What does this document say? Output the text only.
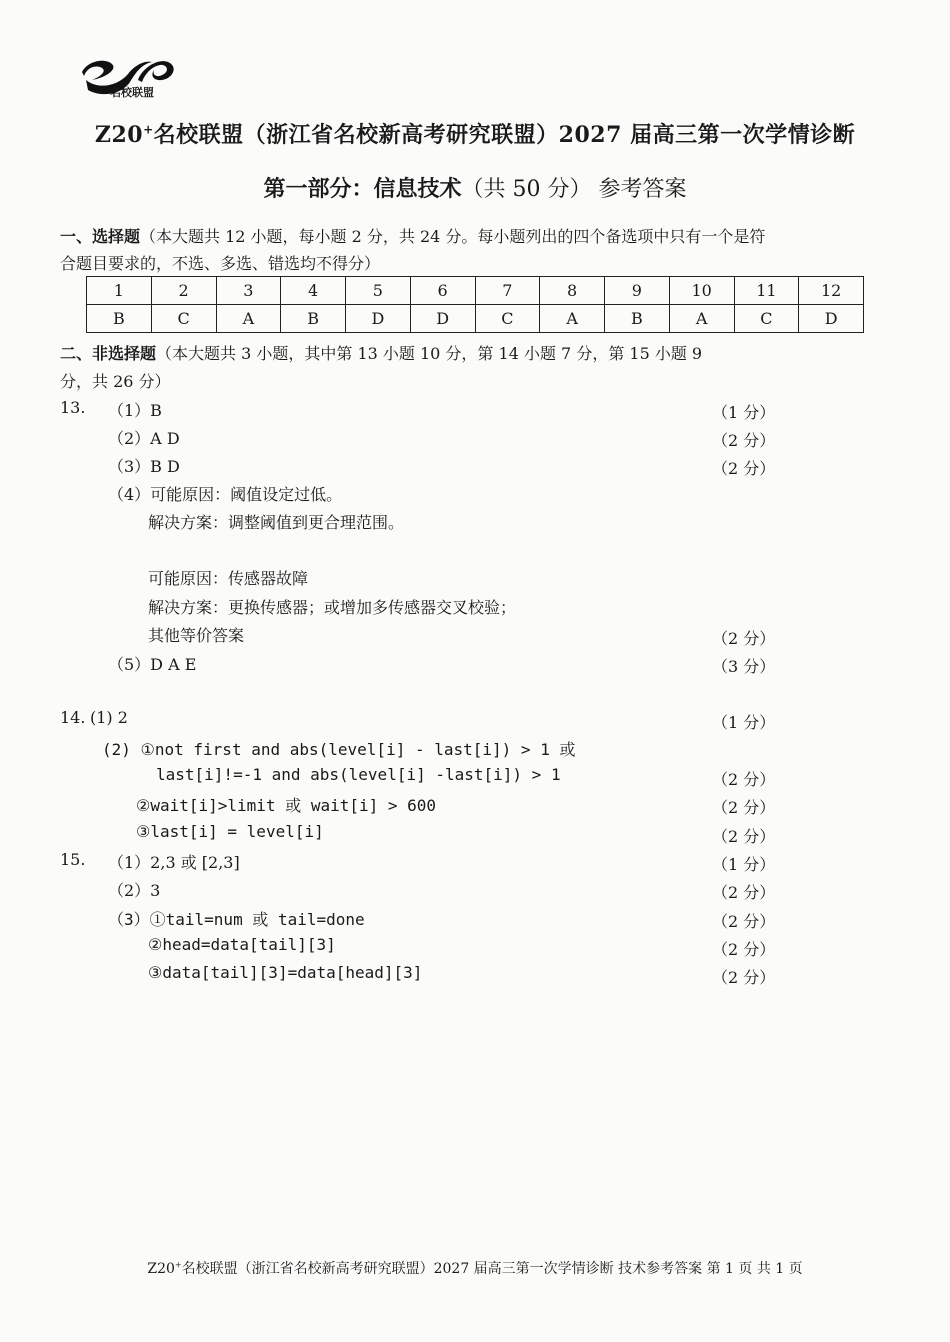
名校联盟
Z20+名校联盟（浙江省名校新高考研究联盟）2027 届高三第一次学情诊断
第一部分：信息技术（共 50 分） 参考答案
一、选择题（本大题共 12 小题，每小题 2 分，共 24 分。每小题列出的四个备选项中只有一个是符
合题目要求的，不选、多选、错选均不得分）
1	2	3	4	5	6	7	8	9	10	11	12
B	C	A	B	D	D	C	A	B	A	C	D
二、非选择题（本大题共 3 小题，其中第 13 小题 10 分，第 14 小题 7 分，第 15 小题 9
分，共 26 分）
13. （1）B	（1 分）
（2）A D	（2 分）
（3）B D	（2 分）
（4）可能原因：阈值设定过低。
解决方案：调整阈值到更合理范围。
可能原因：传感器故障
解决方案：更换传感器；或增加多传感器交叉校验；
其他等价答案	（2 分）
（5）D A E	（3 分）
14. (1) 2	（1 分）
(2) ①not first and abs(level[i] - last[i]) > 1 或
last[i]!=-1 and abs(level[i] -last[i]) > 1	（2 分）
②wait[i]>limit 或 wait[i] > 600	（2 分）
③last[i] = level[i]	（2 分）
15. （1）2,3 或 [2,3]	（1 分）
（2）3	（2 分）
（3）①tail=num 或 tail=done	（2 分）
②head=data[tail][3]	（2 分）
③data[tail][3]=data[head][3]	（2 分）
Z20+名校联盟（浙江省名校新高考研究联盟）2027 届高三第一次学情诊断 技术参考答案 第 1 页 共 1 页
